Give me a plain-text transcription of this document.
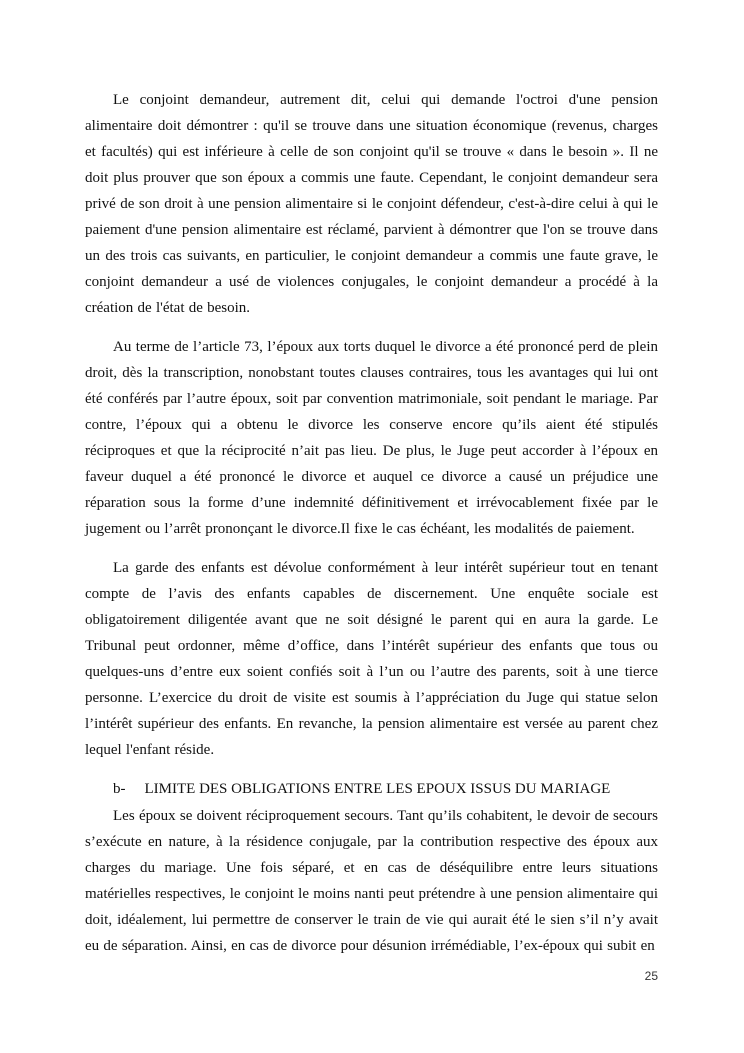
Le conjoint demandeur, autrement dit, celui qui demande l'octroi d'une pension alimentaire doit démontrer : qu'il se trouve dans une situation économique (revenus, charges et facultés) qui est inférieure à celle de son conjoint qu'il se trouve « dans le besoin ». Il ne doit plus prouver que son époux a commis une faute. Cependant, le conjoint demandeur sera privé de son droit à une pension alimentaire si le conjoint défendeur, c'est-à-dire celui à qui le paiement d'une pension alimentaire est réclamé, parvient à démontrer que l'on se trouve dans un des trois cas suivants, en particulier, le conjoint demandeur a commis une faute grave, le conjoint demandeur a usé de violences conjugales, le conjoint demandeur a procédé à la création de l'état de besoin.

Au terme de l’article 73, l’époux aux torts duquel le divorce a été prononcé perd de plein droit, dès la transcription, nonobstant toutes clauses contraires, tous les avantages qui lui ont été conférés par l’autre époux, soit par convention matrimoniale, soit pendant le mariage. Par contre, l’époux qui a obtenu le divorce les conserve encore qu’ils aient été stipulés réciproques et que la réciprocité n’ait pas lieu. De plus, le Juge peut accorder à l’époux en faveur duquel a été prononcé le divorce et auquel ce divorce a causé un préjudice une réparation sous la forme d’une indemnité définitivement et irrévocablement fixée par le jugement ou l’arrêt prononçant le divorce.Il fixe le cas échéant, les modalités de paiement.

La garde des enfants est dévolue conformément à leur intérêt supérieur tout en tenant compte de l’avis des enfants capables de discernement. Une enquête sociale est obligatoirement diligentée avant que ne soit désigné le parent qui en aura la garde. Le Tribunal peut ordonner, même d’office, dans l’intérêt supérieur des enfants que tous ou quelques-uns d’entre eux soient confiés soit à l’un ou l’autre des parents, soit à une tierce personne. L’exercice du droit de visite est soumis à l’appréciation du Juge qui statue selon l’intérêt supérieur des enfants. En revanche, la pension alimentaire est versée au parent chez lequel l'enfant réside.

b- LIMITE DES OBLIGATIONS ENTRE LES EPOUX ISSUS DU MARIAGE

Les époux se doivent réciproquement secours. Tant qu’ils cohabitent, le devoir de secours s’exécute en nature, à la résidence conjugale, par la contribution respective des époux aux charges du mariage. Une fois séparé, et en cas de déséquilibre entre leurs situations matérielles respectives, le conjoint le moins nanti peut prétendre à une pension alimentaire qui doit, idéalement, lui permettre de conserver le train de vie qui aurait été le sien s’il n’y avait eu de séparation. Ainsi, en cas de divorce pour désunion irrémédiable, l’ex-époux qui subit en

25
